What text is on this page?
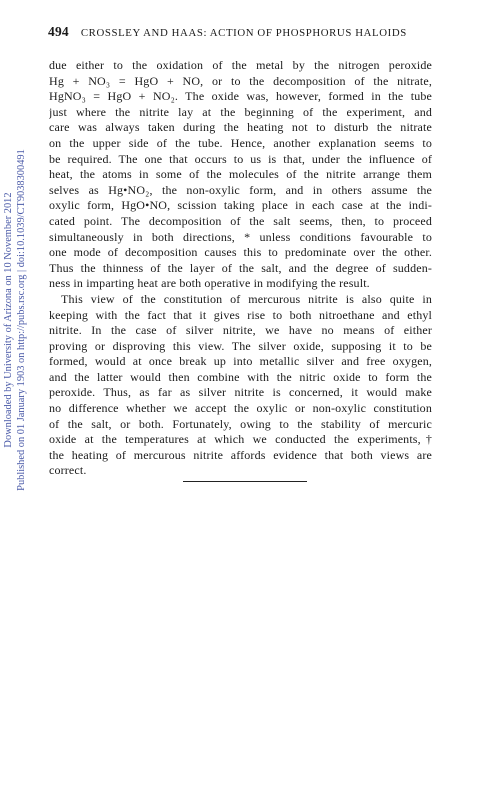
Downloaded by University of Arizona on 10 November 2012 Published on 01 January 1903 on http://pubs.rsc.org | doi:10.1039/CT9038300491
494 CROSSLEY AND HAAS: ACTION OF PHOSPHORUS HALOIDS
due either to the oxidation of the metal by the nitrogen peroxide
Hg + NO₃ = HgO + NO, or to the decomposition of the nitrate,
HgNO₃ = HgO + NO₂. The oxide was, however, formed in the tube
just where the nitrite lay at the beginning of the experiment, and
care was always taken during the heating not to disturb the nitrate
on the upper side of the tube. Hence, another explanation seems to
be required. The one that occurs to us is that, under the influence of
heat, the atoms in some of the molecules of the nitrite arrange them
selves as Hg•NO₂, the non-oxylic form, and in others assume the
oxylic form, HgO•NO, scission taking place in each case at the indi-
cated point. The decomposition of the salt seems, then, to proceed
simultaneously in both directions, * unless conditions favourable to
one mode of decomposition causes this to predominate over the other.
Thus the thinness of the layer of the salt, and the degree of sudden-
ness in imparting heat are both operative in modifying the result.
This view of the constitution of mercurous nitrite is also quite in
keeping with the fact that it gives rise to both nitroethane and ethyl
nitrite. In the case of silver nitrite, we have no means of either
proving or disproving this view. The silver oxide, supposing it to be
formed, would at once break up into metallic silver and free oxygen,
and the latter would then combine with the nitric oxide to form the
peroxide. Thus, as far as silver nitrite is concerned, it would make
no difference whether we accept the oxylic or non-oxylic constitution
of the salt, or both. Fortunately, owing to the stability of mercuric
oxide at the temperatures at which we conducted the experiments,†
the heating of mercurous nitrite affords evidence that both views are
correct.
